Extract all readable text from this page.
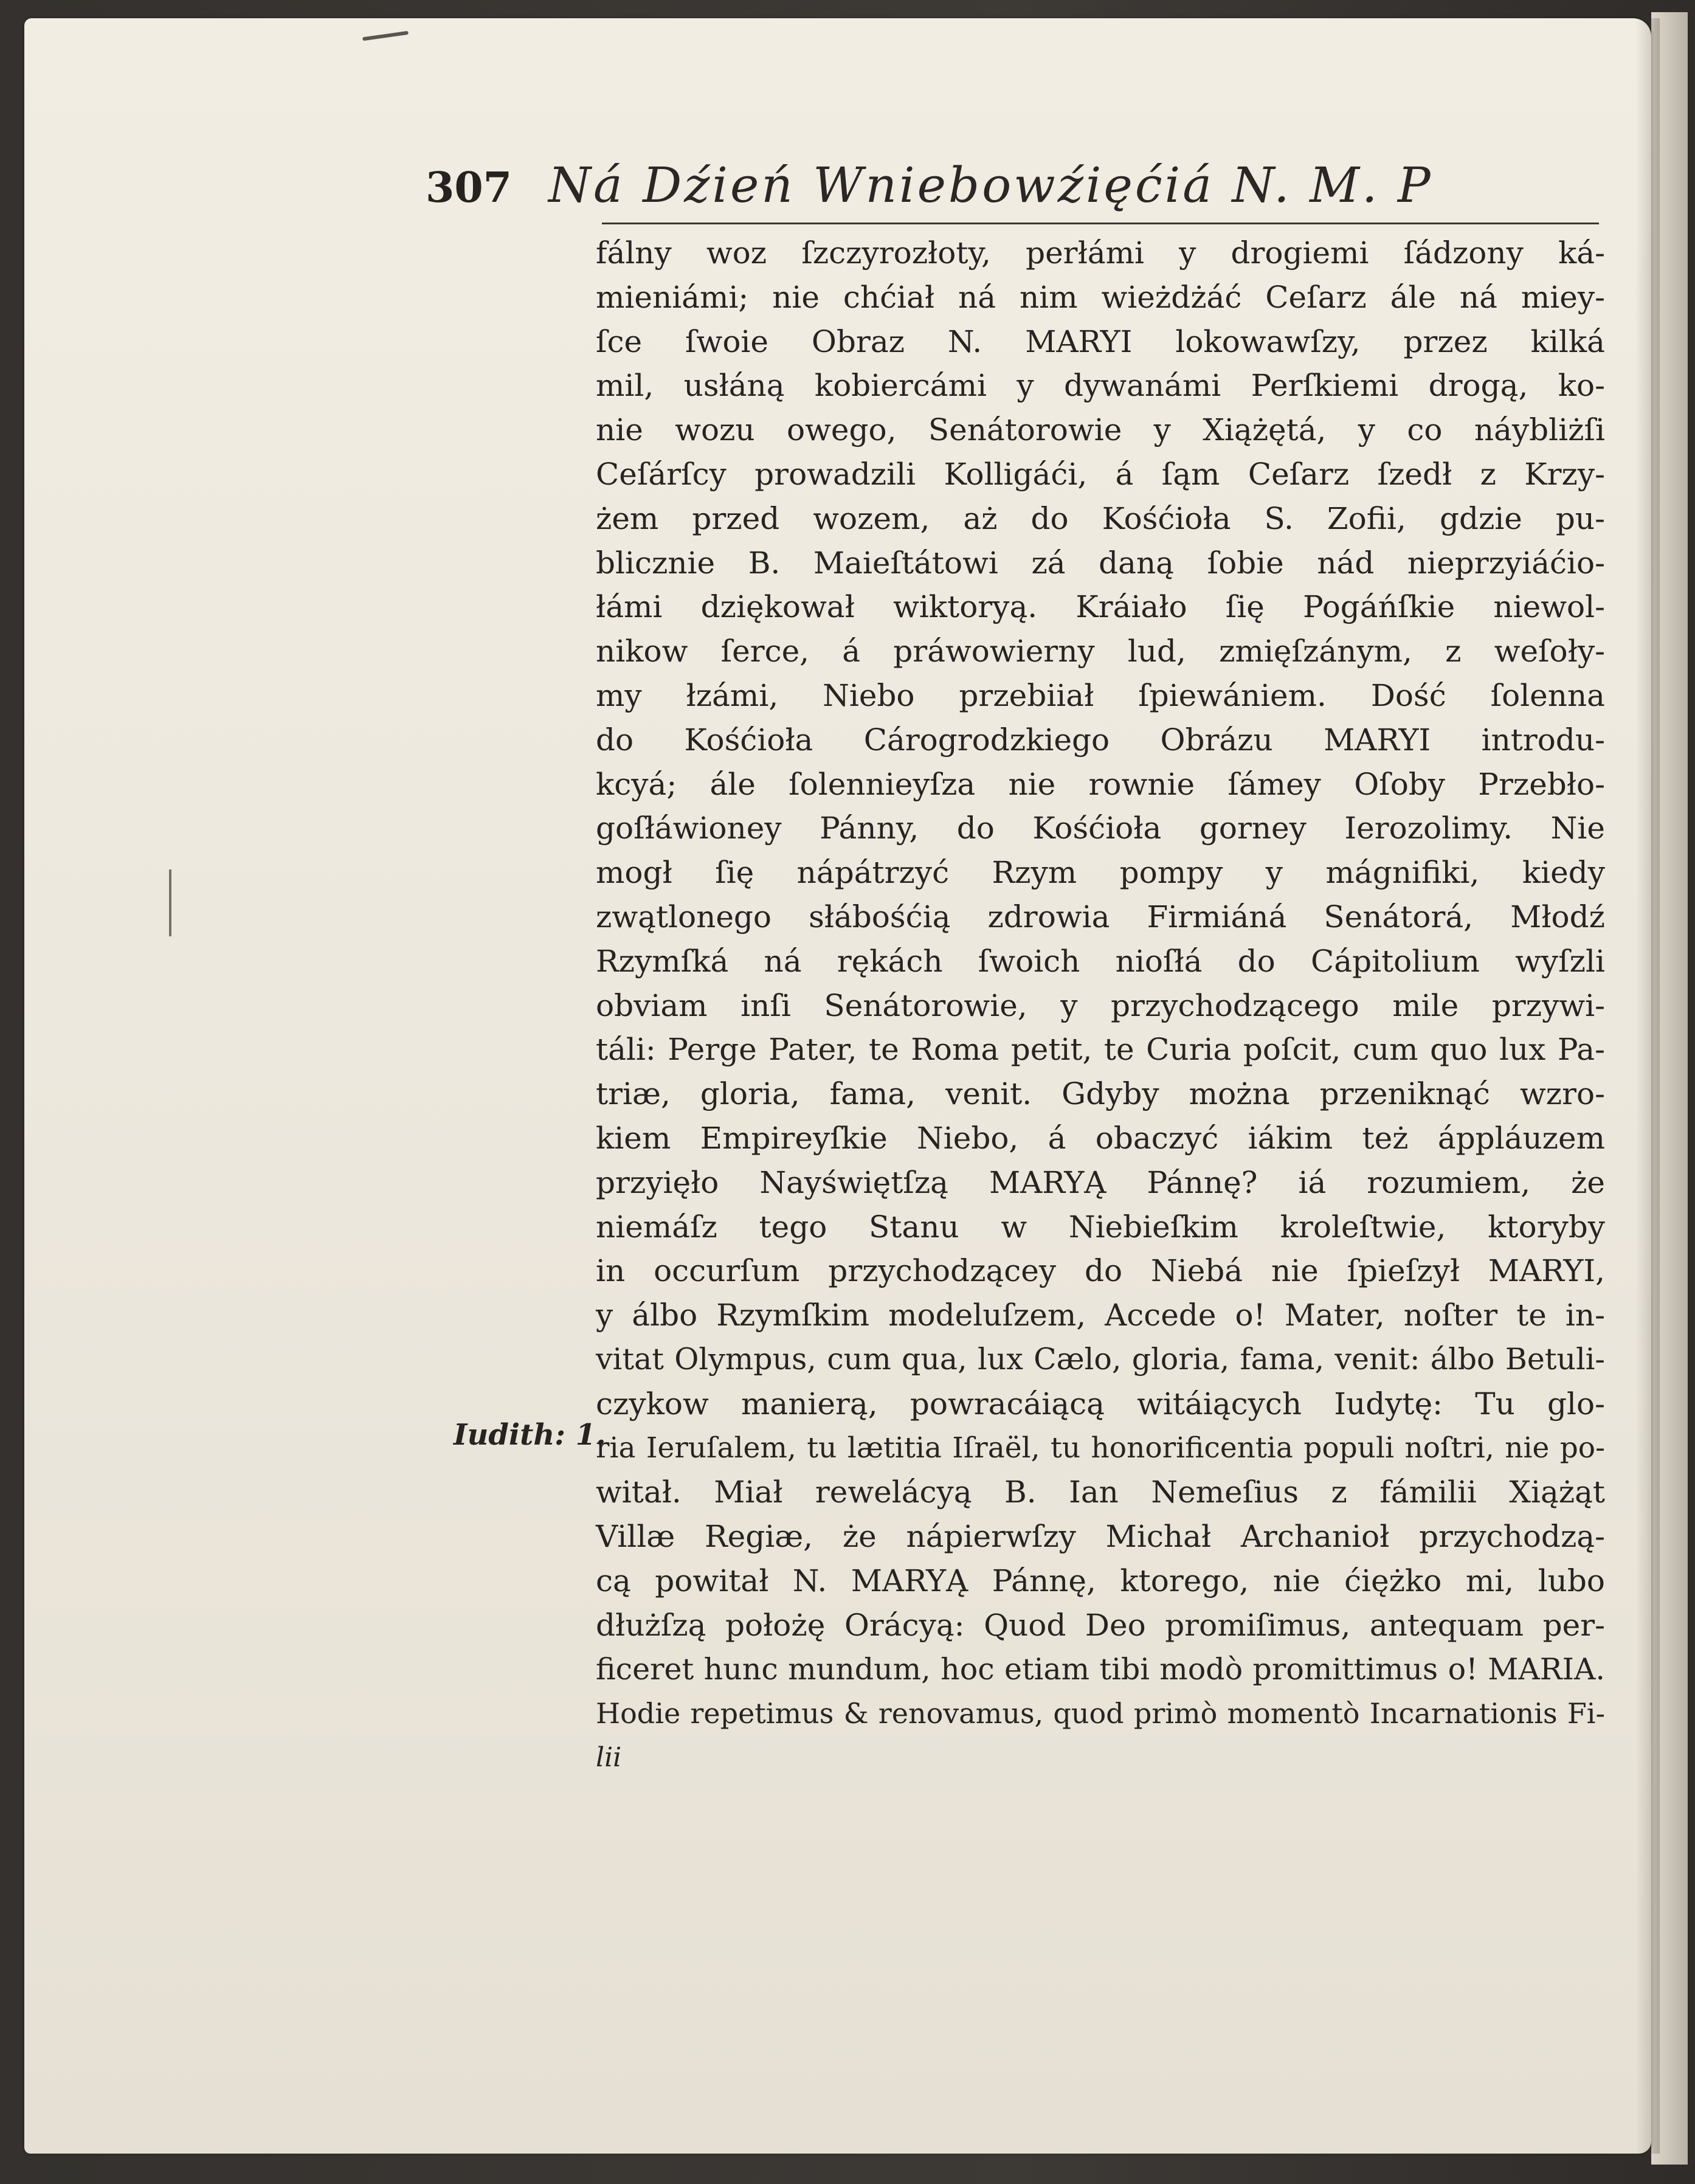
307 Ná Dźień Wniebowźięćiá N. M. P
Iudith: 1.
fálny woz ſzczyrozłoty, perłámi y drogiemi ſádzony ká-
mieniámi; nie chćiał ná nim wieżdżáć Ceſarz ále ná miey-
ſce ſwoie Obraz N. MARYI lokowawſzy, przez kilká
mil, usłáną kobiercámi y dywanámi Perſkiemi drogą, ko-
nie wozu owego, Senátorowie y Xiążętá, y co náybliżſi
Ceſárſcy prowadzili Kolligáći, á ſąm Ceſarz ſzedł z Krzy-
żem przed wozem, aż do Kośćioła S. Zofii, gdzie pu-
blicznie B. Maieſtátowi zá daną ſobie nád nieprzyiáćio-
łámi dziękował wiktoryą. Kráiało ſię Pogáńſkie niewol-
nikow ſerce, á práwowierny lud, zmięſzánym, z weſoły-
my łzámi, Niebo przebiiał ſpiewániem. Dość ſolenna
do Kośćioła Cárogrodzkiego Obrázu MARYI introdu-
kcyá; ále ſolennieyſza nie rownie ſámey Oſoby Przebło-
goſłáwioney Pánny, do Kośćioła gorney Ierozolimy. Nie
mogł ſię nápátrzyć Rzym pompy y mágnifiki, kiedy
zwątlonego słábośćią zdrowia Firmiáná Senátorá, Młodź
Rzymſká ná rękách ſwoich nioſłá do Cápitolium wyſzli
obviam inſi Senátorowie, y przychodzącego mile przywi-
táli: Perge Pater, te Roma petit, te Curia poſcit, cum quo lux Pa-
triæ, gloria, fama, venit. Gdyby można przeniknąć wzro-
kiem Empireyſkie Niebo, á obaczyć iákim też áppláuzem
przyięło Nayświętſzą MARYĄ Pánnę? iá rozumiem, że
niemáſz tego Stanu w Niebieſkim kroleſtwie, ktoryby
in occurſum przychodzącey do Niebá nie ſpieſzył MARYI,
y álbo Rzymſkim modeluſzem, Accede o! Mater, noſter te in-
vitat Olympus, cum qua, lux Cælo, gloria, fama, venit: álbo Betuli-
czykow manierą, powracáiącą witáiących Iudytę: Tu glo-
ria Ieruſalem, tu lætitia Iſraël, tu honorificentia populi noſtri, nie po-
witał. Miał rewelácyą B. Ian Nemeſius z fámilii Xiążąt
Villæ Regiæ, że nápierwſzy Michał Archanioł przychodzą-
cą powitał N. MARYĄ Pánnę, ktorego, nie ćiężko mi, lubo
dłużſzą położę Orácyą: Quod Deo promiſimus, antequam per-
ficeret hunc mundum, hoc etiam tibi modò promittimus o! MARIA.
Hodie repetimus & renovamus, quod primò momentò Incarnationis Fi-
lii
